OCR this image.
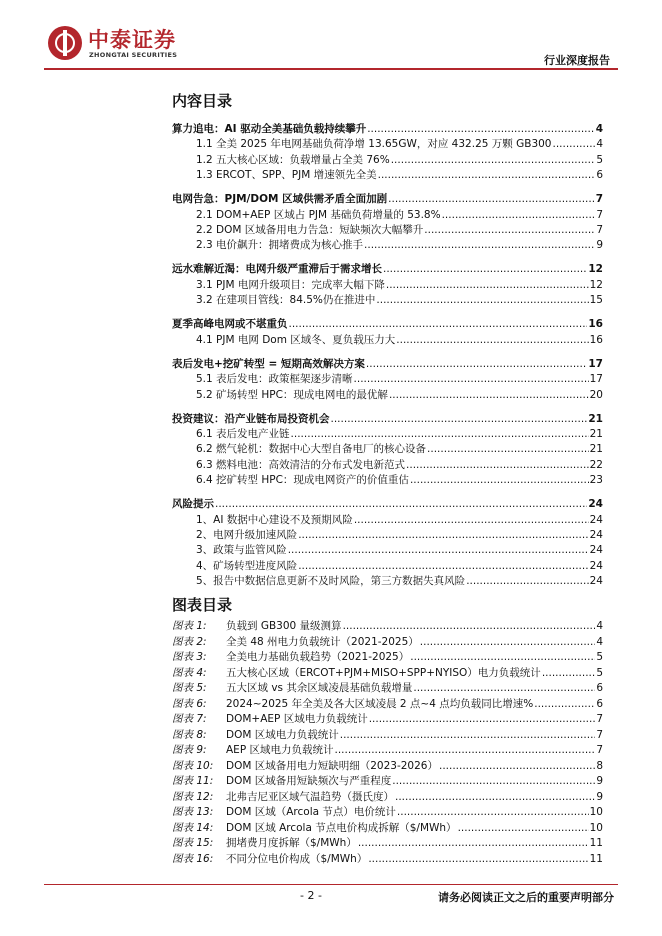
中泰证券
ZHONGTAI SECURITIES	行业深度报告
内容目录
算力追电：AI 驱动全美基础负载持续攀升 .....	4
1.1 全美 2025 年电网基础负荷净增 13.65GW，对应 432.25 万颗 GB300 .....	4
1.2 五大核心区域：负载增量占全美 76% .....	5
1.3 ERCOT、SPP、PJM 增速领先全美 .....	6
电网告急：PJM/DOM 区域供需矛盾全面加剧 .....	7
2.1 DOM+AEP 区域占 PJM 基础负荷增量的 53.8% .....	7
2.2 DOM 区域备用电力告急：短缺频次大幅攀升 .....	7
2.3 电价飙升：拥堵费成为核心推手 .....	9
远水难解近渴：电网升级严重滞后于需求增长 .....	12
3.1 PJM 电网升级项目：完成率大幅下降 .....	12
3.2 在建项目管线：84.5%仍在推进中 .....	15
夏季高峰电网或不堪重负 .....	16
4.1 PJM 电网 Dom 区域冬、夏负载压力大 .....	16
表后发电+挖矿转型 = 短期高效解决方案 .....	17
5.1 表后发电：政策框架逐步清晰 .....	17
5.2 矿场转型 HPC：现成电网电的最优解 .....	20
投资建议：沿产业链布局投资机会 .....	21
6.1 表后发电产业链 .....	21
6.2 燃气轮机：数据中心大型自备电厂的核心设备 .....	21
6.3 燃料电池：高效清洁的分布式发电新范式 .....	22
6.4 挖矿转型 HPC：现成电网资产的价值重估 .....	23
风险提示 .....	24
1、AI 数据中心建设不及预期风险 .....	24
2、电网升级加速风险 .....	24
3、政策与监管风险 .....	24
4、矿场转型进度风险 .....	24
5、报告中数据信息更新不及时风险，第三方数据失真风险 .....	24
图表目录
图表 1:	负载到 GB300 量级测算 .....	4
图表 2:	全美 48 州电力负载统计（2021-2025） .....	4
图表 3:	全美电力基础负载趋势（2021-2025） .....	5
图表 4:	五大核心区域（ERCOT+PJM+MISO+SPP+NYISO）电力负载统计 .....	5
图表 5:	五大区域 vs 其余区域凌晨基础负载增量 .....	6
图表 6:	2024~2025 年全美及各大区域凌晨 2 点~4 点均负载同比增速% .....	6
图表 7:	DOM+AEP 区域电力负载统计 .....	7
图表 8:	DOM 区域电力负载统计 .....	7
图表 9:	AEP 区域电力负载统计 .....	7
图表 10:	DOM 区域备用电力短缺明细（2023-2026） .....	8
图表 11:	DOM 区域备用短缺频次与严重程度 .....	9
图表 12:	北弗吉尼亚区域气温趋势（摄氏度） .....	9
图表 13:	DOM 区域（Arcola 节点）电价统计 .....	10
图表 14:	DOM 区域 Arcola 节点电价构成拆解（$/MWh） .....	10
图表 15:	拥堵费月度拆解（$/MWh） .....	11
图表 16:	不同分位电价构成（$/MWh） .....	11
- 2 -	请务必阅读正文之后的重要声明部分
